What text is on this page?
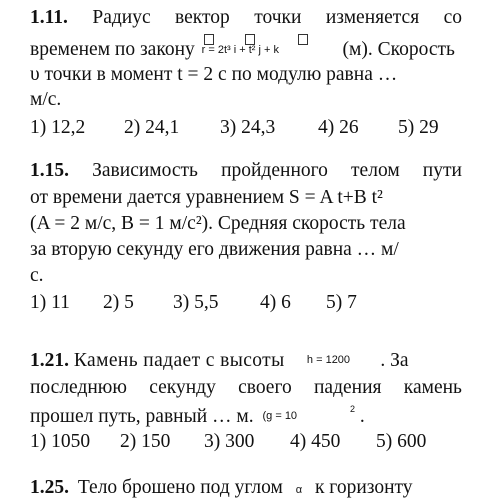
1.11. Радиус вектор точки изменяется со
временем по закону r = 2t³ i + t² j + k	(м). Скорость
υ точки в момент t = 2 с по модулю равна …
м/с.
1) 12,2	2) 24,1	3) 24,3	4) 26	5) 29
1.15. Зависимость пройденного телом пути
от времени дается уравнением S = A t+B t²
(A = 2 м/с, B = 1 м/с²). Средняя скорость тела
за вторую секунду его движения равна … м/
с.
1) 11	2) 5	3) 5,5	4) 6	5) 7
1.21. Камень падает с высоты h = 1200 . За
последнюю секунду своего падения камень
прошел путь, равный … м. (g = 10 $^2$ .
1) 1050	2) 150	3) 300	4) 450	5) 600
1.25. Тело брошено под углом α к горизонту
